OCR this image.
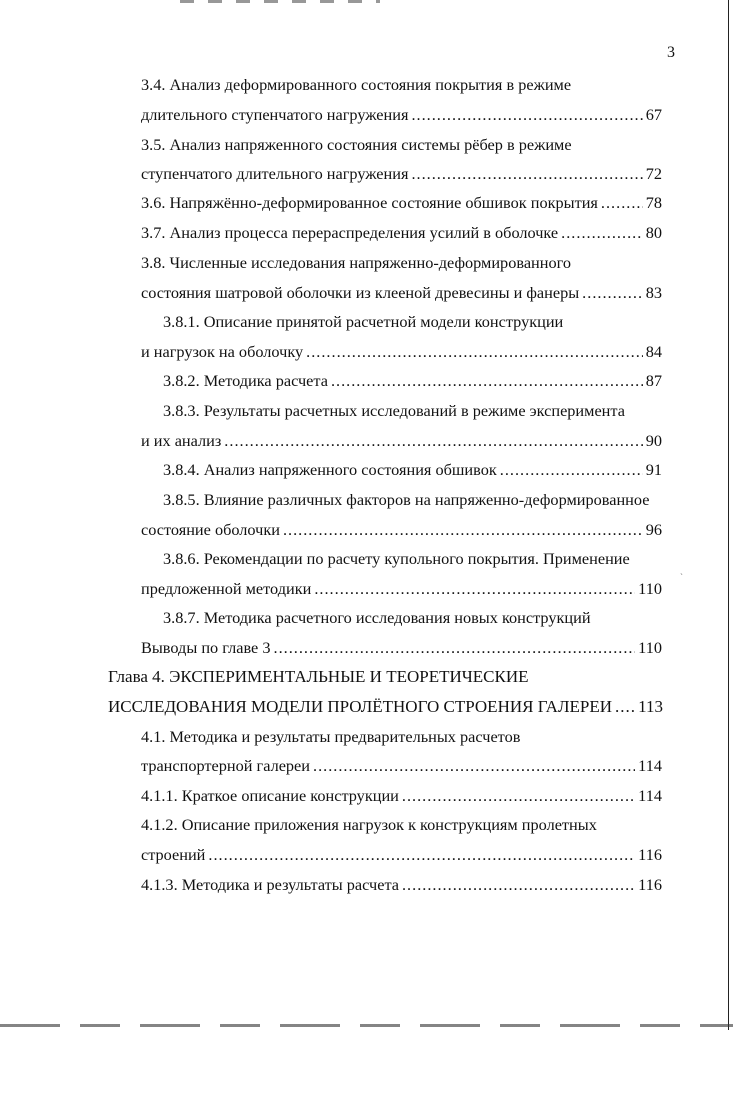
`
3
3.4. Анализ деформированного состояния покрытия в режиме
длительного ступенчатого нагружения .....	67
3.5. Анализ напряженного состояния системы рёбер в режиме
ступенчатого длительного нагружения .....	72
3.6. Напряжённо-деформированное состояние обшивок покрытия .....	78
3.7. Анализ процесса перераспределения усилий в оболочке .....	80
3.8. Численные исследования напряженно-деформированного
состояния шатровой оболочки из клееной древесины и фанеры .....	83
3.8.1. Описание принятой расчетной модели конструкции
и нагрузок на оболочку .....	84
3.8.2. Методика расчета .....	87
3.8.3. Результаты расчетных исследований в режиме эксперимента
и их анализ .....	90
3.8.4. Анализ напряженного состояния обшивок .....	91
3.8.5. Влияние различных факторов на напряженно-деформированное
состояние оболочки .....	96
3.8.6. Рекомендации по расчету купольного покрытия. Применение
предложенной методики .....	110
3.8.7. Методика расчетного исследования новых конструкций
Выводы по главе 3 .....	110
Глава 4. ЭКСПЕРИМЕНТАЛЬНЫЕ И ТЕОРЕТИЧЕСКИЕ
ИССЛЕДОВАНИЯ МОДЕЛИ ПРОЛЁТНОГО СТРОЕНИЯ ГАЛЕРЕИ ..... 113
4.1. Методика и результаты предварительных расчетов
транспортерной галереи .....	114
4.1.1. Краткое описание конструкции .....	114
4.1.2. Описание приложения нагрузок к конструкциям пролетных
строений .....	116
4.1.3. Методика и результаты расчета .....	116
